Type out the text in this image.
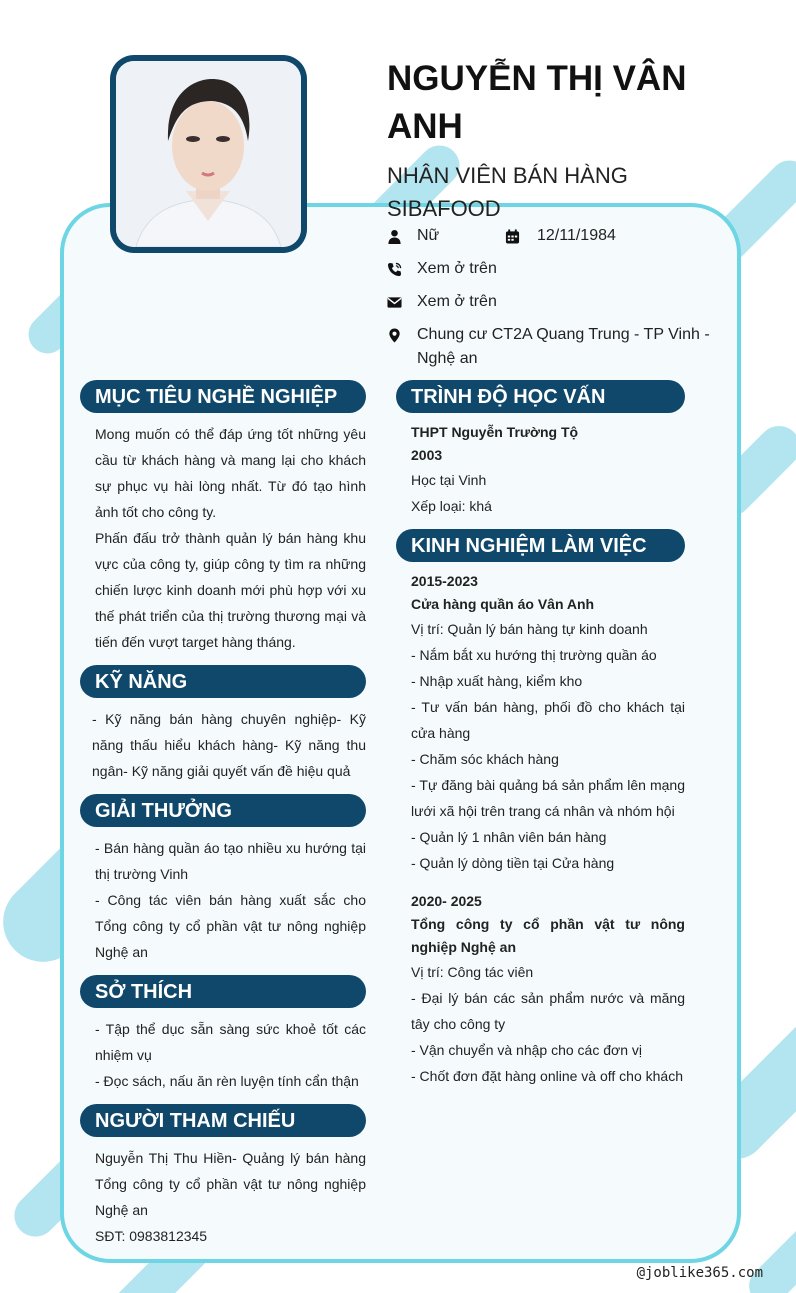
NGUYỄN THỊ VÂN ANH
NHÂN VIÊN BÁN HÀNG SIBAFOOD
Nữ	12/11/1984
Xem ở trên
Xem ở trên
Chung cư CT2A Quang Trung - TP Vinh - Nghệ an
MỤC TIÊU NGHỀ NGHIỆP

Mong muốn có thể đáp ứng tốt những yêu cầu từ khách hàng và mang lại cho khách sự phục vụ hài lòng nhất. Từ đó tạo hình ảnh tốt cho công ty.

Phấn đấu trở thành quản lý bán hàng khu vực của công ty, giúp công ty tìm ra những chiến lược kinh doanh mới phù hợp với xu thế phát triển của thị trường thương mại và tiến đến vượt target hàng tháng.

KỸ NĂNG

- Kỹ năng bán hàng chuyên nghiệp- Kỹ năng thấu hiểu khách hàng- Kỹ năng thu ngân- Kỹ năng giải quyết vấn đề hiệu quả

GIẢI THƯỞNG

- Bán hàng quần áo tạo nhiều xu hướng tại thị trường Vinh

- Công tác viên bán hàng xuất sắc cho Tổng công ty cổ phần vật tư nông nghiệp Nghệ an

SỞ THÍCH

- Tập thể dục sẵn sàng sức khoẻ tốt các nhiệm vụ

- Đọc sách, nấu ăn rèn luyện tính cẩn thận

NGƯỜI THAM CHIẾU

Nguyễn Thị Thu Hiền- Quảng lý bán hàng Tổng công ty cổ phần vật tư nông nghiệp Nghệ an

SĐT: 0983812345

TRÌNH ĐỘ HỌC VẤN
THPT Nguyễn Trường Tộ
2003
Học tại Vinh
Xếp loại: khá
KINH NGHIỆM LÀM VIỆC
2015-2023
Cửa hàng quần áo Vân Anh
Vị trí: Quản lý bán hàng tự kinh doanh
- Nắm bắt xu hướng thị trường quần áo
- Nhập xuất hàng, kiểm kho
- Tư vấn bán hàng, phối đồ cho khách tại cửa hàng
- Chăm sóc khách hàng
- Tự đăng bài quảng bá sản phẩm lên mạng lưới xã hội trên trang cá nhân và nhóm hội
- Quản lý 1 nhân viên bán hàng
- Quản lý dòng tiền tại Cửa hàng
2020- 2025
Tổng công ty cổ phần vật tư nông nghiệp Nghệ an
Vị trí: Công tác viên
- Đại lý bán các sản phẩm nước và măng tây cho công ty
- Vận chuyển và nhập cho các đơn vị
- Chốt đơn đặt hàng online và off cho khách
@joblike365.com
